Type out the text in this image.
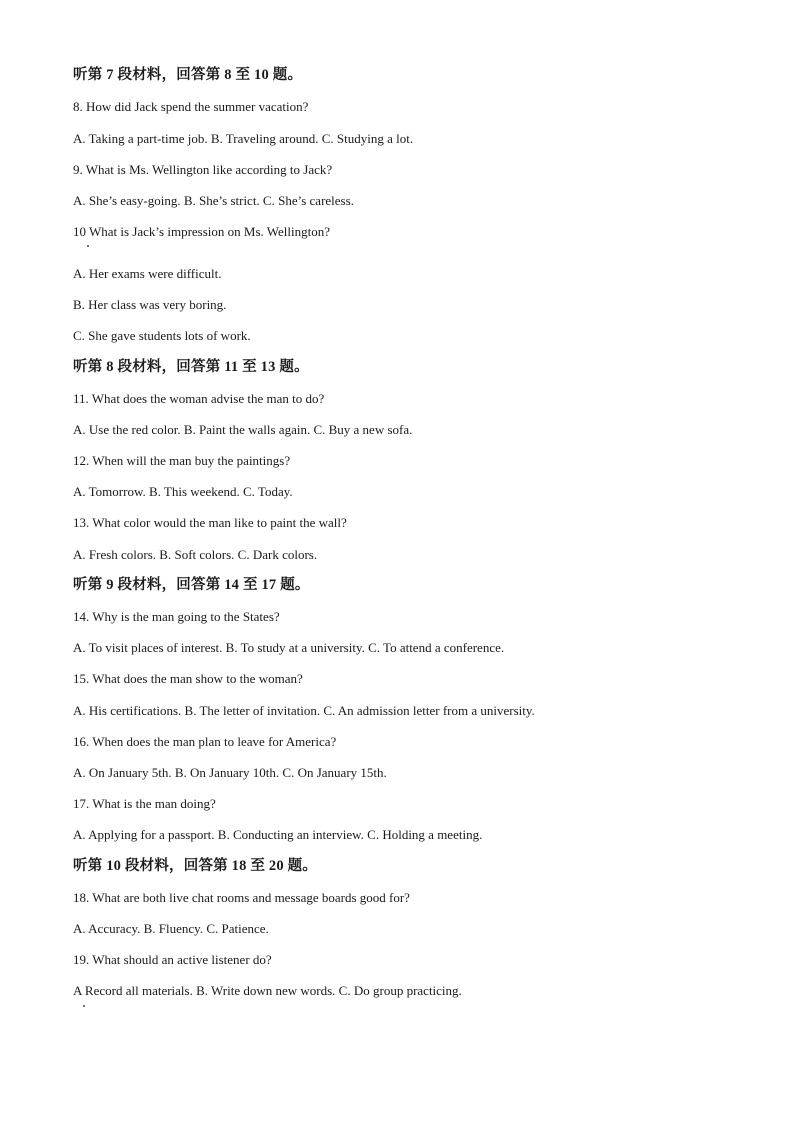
听第 7 段材料，回答第 8 至 10 题。
8. How did Jack spend the summer vacation?
A. Taking a part-time job. B. Traveling around. C. Studying a lot.
9. What is Ms. Wellington like according to Jack?
A. She’s easy-going. B. She’s strict. C. She’s careless.
10 What is Jack’s impression on Ms. Wellington?
A. Her exams were difficult.
B. Her class was very boring.
C. She gave students lots of work.
听第 8 段材料，回答第 11 至 13 题。
11. What does the woman advise the man to do?
A. Use the red color. B. Paint the walls again. C. Buy a new sofa.
12. When will the man buy the paintings?
A. Tomorrow. B. This weekend. C. Today.
13. What color would the man like to paint the wall?
A. Fresh colors. B. Soft colors. C. Dark colors.
听第 9 段材料，回答第 14 至 17 题。
14. Why is the man going to the States?
A. To visit places of interest. B. To study at a university. C. To attend a conference.
15. What does the man show to the woman?
A. His certifications. B. The letter of invitation. C. An admission letter from a university.
16. When does the man plan to leave for America?
A. On January 5th. B. On January 10th. C. On January 15th.
17. What is the man doing?
A. Applying for a passport. B. Conducting an interview. C. Holding a meeting.
听第 10 段材料，回答第 18 至 20 题。
18. What are both live chat rooms and message boards good for?
A. Accuracy. B. Fluency. C. Patience.
19. What should an active listener do?
A Record all materials. B. Write down new words. C. Do group practicing.
